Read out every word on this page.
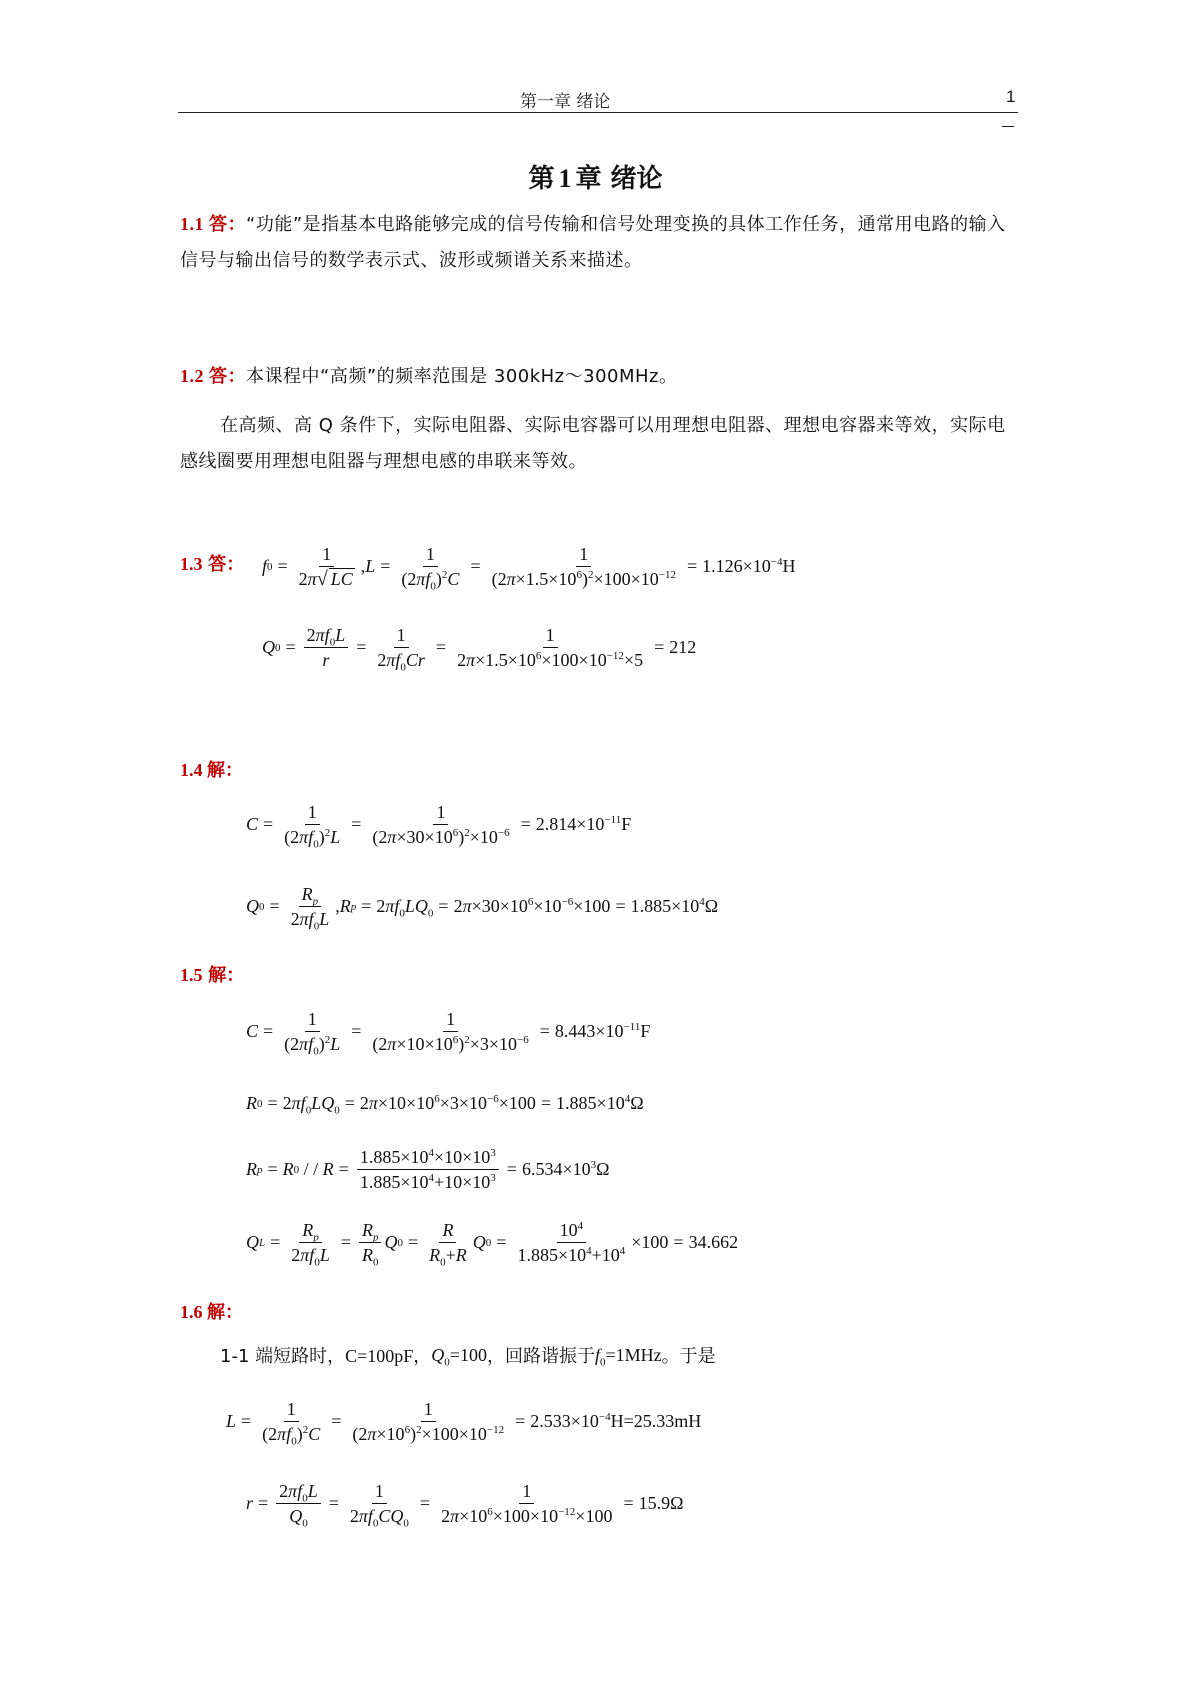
第一章 绪论	1
第 1 章 绪论
1.1 答：“功能”是指基本电路能够完成的信号传输和信号处理变换的具体工作任务，通常用电路的输入信号与输出信号的数学表示式、波形或频谱关系来描述。
1.2 答：本课程中“高频”的频率范围是 300kHz～300MHz。
在高频、高 Q 条件下，实际电阻器、实际电容器可以用理想电阻器、理想电容器来等效，实际电感线圈要用理想电阻器与理想电感的串联来等效。
1.3 答： f $0 = \frac{1}{2\pi√ LC}$ , $L = \frac{1}{(2\pi f_0)^2C} = \frac{1}{(2\pi\times 1.5\times 10^6)^2\times 100\times 10^{-12}} = 1.126\times 10^{-4}H$
Q $0 = \frac{2\pi f_0L}{r} = \frac{1}{2\pi f_0Cr} = \frac{1}{2\pi\times 1.5\times 10^6\times 100\times 10^{-12}\times 5} = 212$
1.4 解：
$C = \frac{1}{(2\pi f_0)^2L} = \frac{1}{(2\pi\times 30\times 10^6)^2\times 10^{-6}} = 2.814\times 10^{-11}F$
Q $0 = \frac{R_p}{2\pi f_0L}$ , R $p = 2\pi f_0LQ_0 = 2\pi\times 30\times 10^6\times 10^{-6}\times 100 = 1.885\times 10^4\Omega$
1.5 解：
$C = \frac{1}{(2\pi f_0)^2L} = \frac{1}{(2\pi\times 10\times 10^6)^2\times 3\times 10^{-6}} = 8.443\times 10^{-11}F$
R $0 = 2\pi f_0LQ_0 = 2\pi\times 10\times 10^6\times 3\times 10^{-6}\times 100 = 1.885\times 10^4\Omega$
R p = R 0 / / $R = \frac{1.885\times 10^4\times 10\times 10^3}{1.885\times 10^4+10\times 10^3} = 6.534\times 10^3\Omega$
Q $L = \frac{R_p}{2\pi f_0L} = \frac{R_p}{R_0}$ Q $0 = \frac{R}{R_0+R}$ Q $0 = \frac{10^4}{1.885\times 10^4+10^4} \times 100 = 34.662$
1.6 解：
1-1 端短路时， C=100pF， $Q_0=100$ ，回路谐振于 $f_0=1MHz$ 。于是
$L = \frac{1}{(2\pi f_0)^2C} = \frac{1}{(2\pi\times 10^6)^2\times 100\times 10^{-12}} = 2.533\times 10^{-4}H=25.33mH$
$r = \frac{2\pi f_0L}{Q_0} = \frac{1}{2\pi f_0CQ_0} = \frac{1}{2\pi\times 10^6\times 100\times 10^{-12}\times 100} = 15.9\Omega$
